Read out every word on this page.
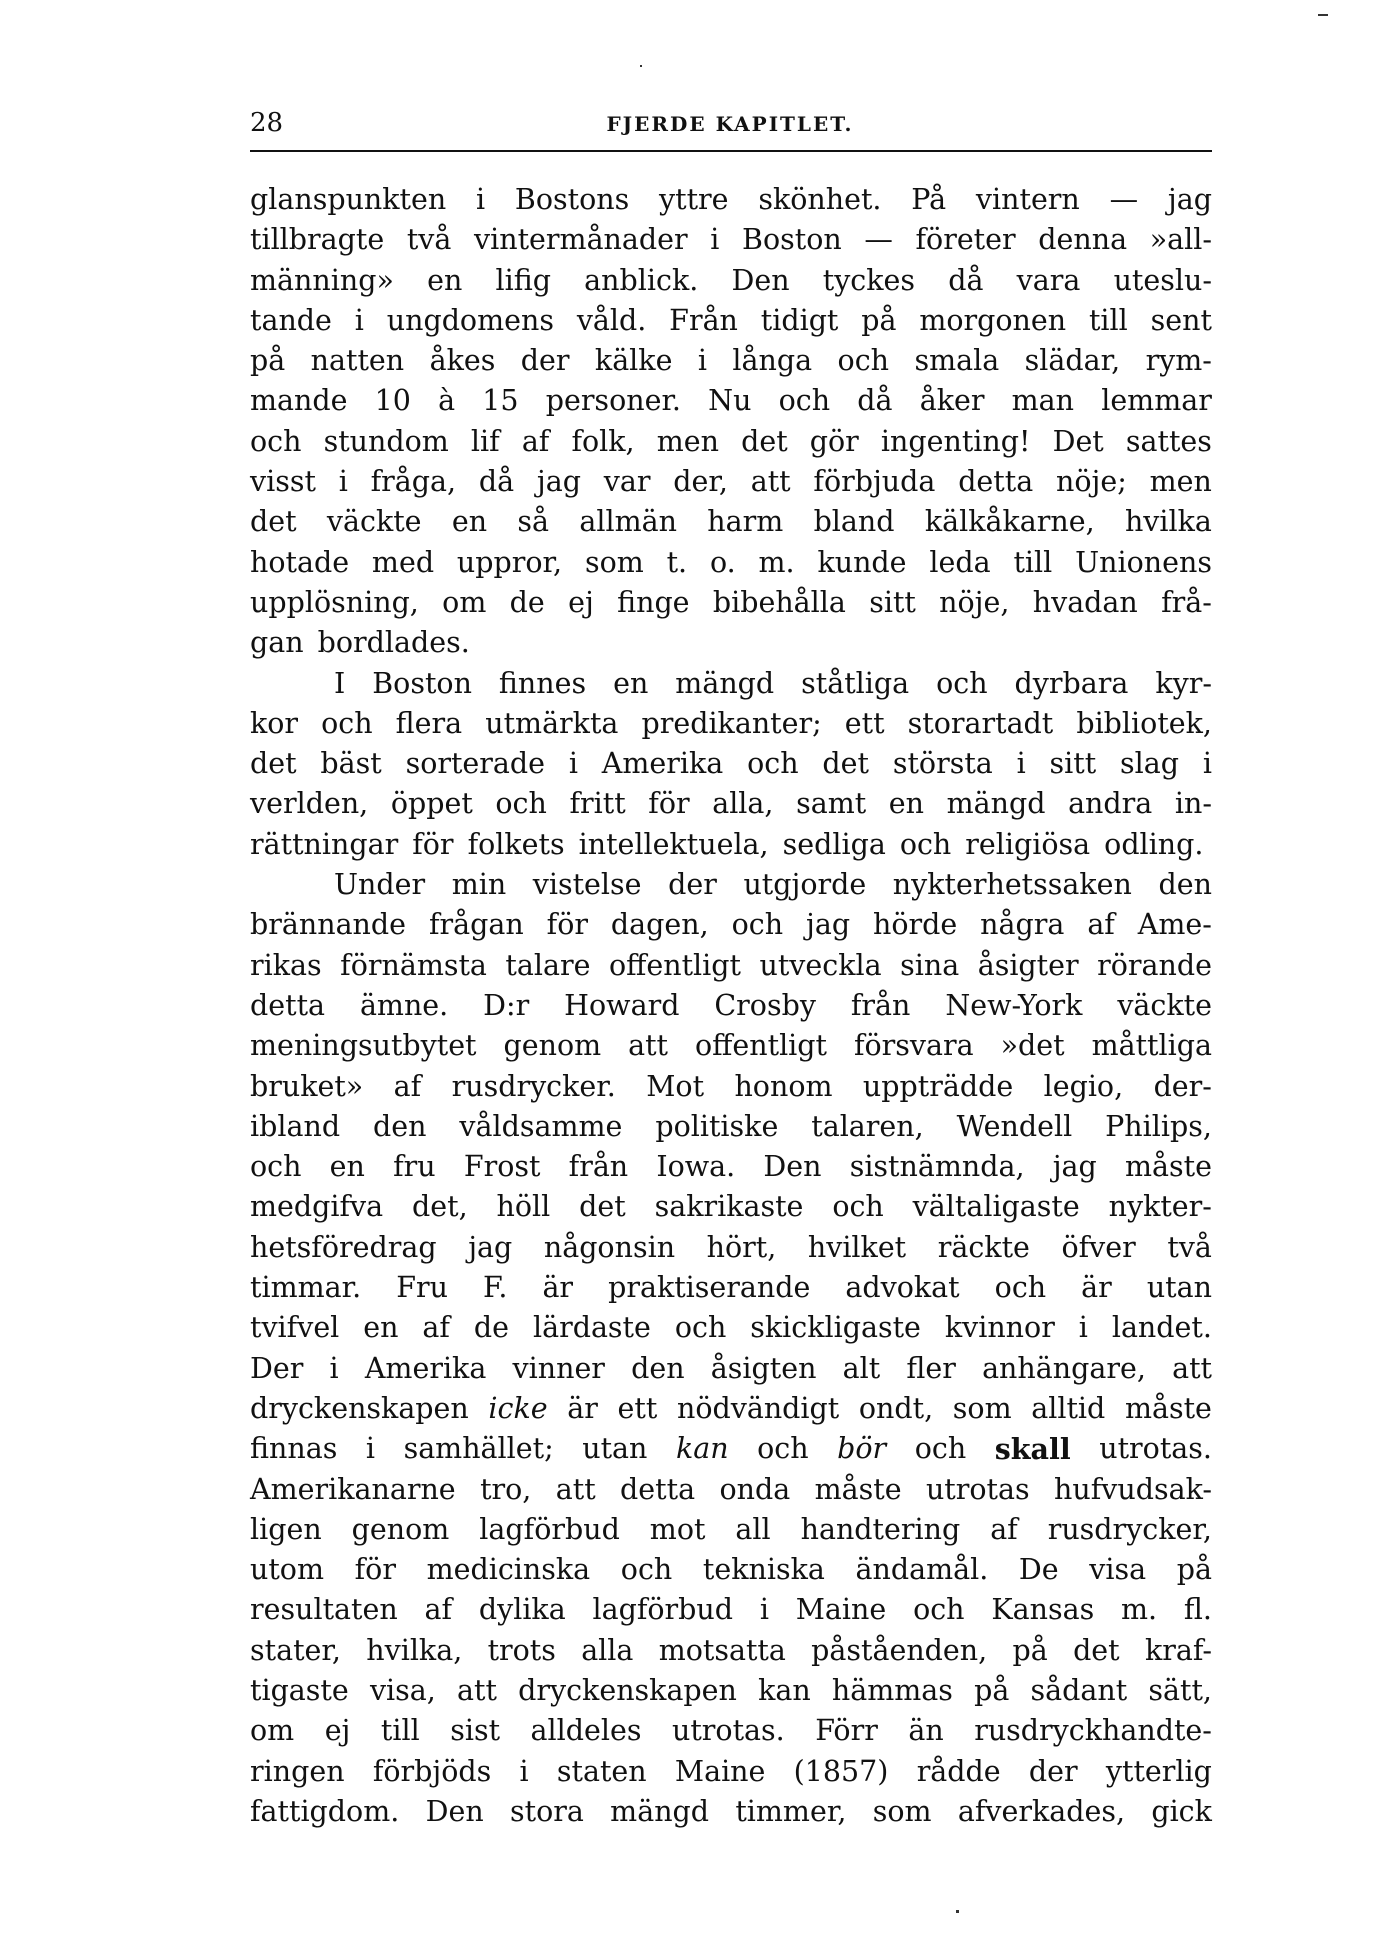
28	FJERDE KAPITLET.
glanspunkten i Bostons yttre skönhet. På vintern — jag
tillbragte två vintermånader i Boston — företer denna »all-
männing» en lifig anblick. Den tyckes då vara uteslu-
tande i ungdomens våld. Från tidigt på morgonen till sent
på natten åkes der kälke i långa och smala slädar, rym-
mande 10 à 15 personer. Nu och då åker man lemmar
och stundom lif af folk, men det gör ingenting! Det sattes
visst i fråga, då jag var der, att förbjuda detta nöje; men
det väckte en så allmän harm bland kälkåkarne, hvilka
hotade med uppror, som t. o. m. kunde leda till Unionens
upplösning, om de ej finge bibehålla sitt nöje, hvadan frå-
gan bordlades.
I Boston finnes en mängd ståtliga och dyrbara kyr-
kor och flera utmärkta predikanter; ett storartadt bibliotek,
det bäst sorterade i Amerika och det största i sitt slag i
verlden, öppet och fritt för alla, samt en mängd andra in-
rättningar för folkets intellektuela, sedliga och religiösa odling.
Under min vistelse der utgjorde nykterhetssaken den
brännande frågan för dagen, och jag hörde några af Ame-
rikas förnämsta talare offentligt utveckla sina åsigter rörande
detta ämne. D:r Howard Crosby från New-York väckte
meningsutbytet genom att offentligt försvara »det måttliga
bruket» af rusdrycker. Mot honom uppträdde legio, der-
ibland den våldsamme politiske talaren, Wendell Philips,
och en fru Frost från Iowa. Den sistnämnda, jag måste
medgifva det, höll det sakrikaste och vältaligaste nykter-
hetsföredrag jag någonsin hört, hvilket räckte öfver två
timmar. Fru F. är praktiserande advokat och är utan
tvifvel en af de lärdaste och skickligaste kvinnor i landet.
Der i Amerika vinner den åsigten alt fler anhängare, att
dryckenskapen icke är ett nödvändigt ondt, som alltid måste
finnas i samhället; utan kan och bör och skall utrotas.
Amerikanarne tro, att detta onda måste utrotas hufvudsak-
ligen genom lagförbud mot all handtering af rusdrycker,
utom för medicinska och tekniska ändamål. De visa på
resultaten af dylika lagförbud i Maine och Kansas m. fl.
stater, hvilka, trots alla motsatta påståenden, på det kraf-
tigaste visa, att dryckenskapen kan hämmas på sådant sätt,
om ej till sist alldeles utrotas. Förr än rusdryckhandte-
ringen förbjöds i staten Maine (1857) rådde der ytterlig
fattigdom. Den stora mängd timmer, som afverkades, gick
